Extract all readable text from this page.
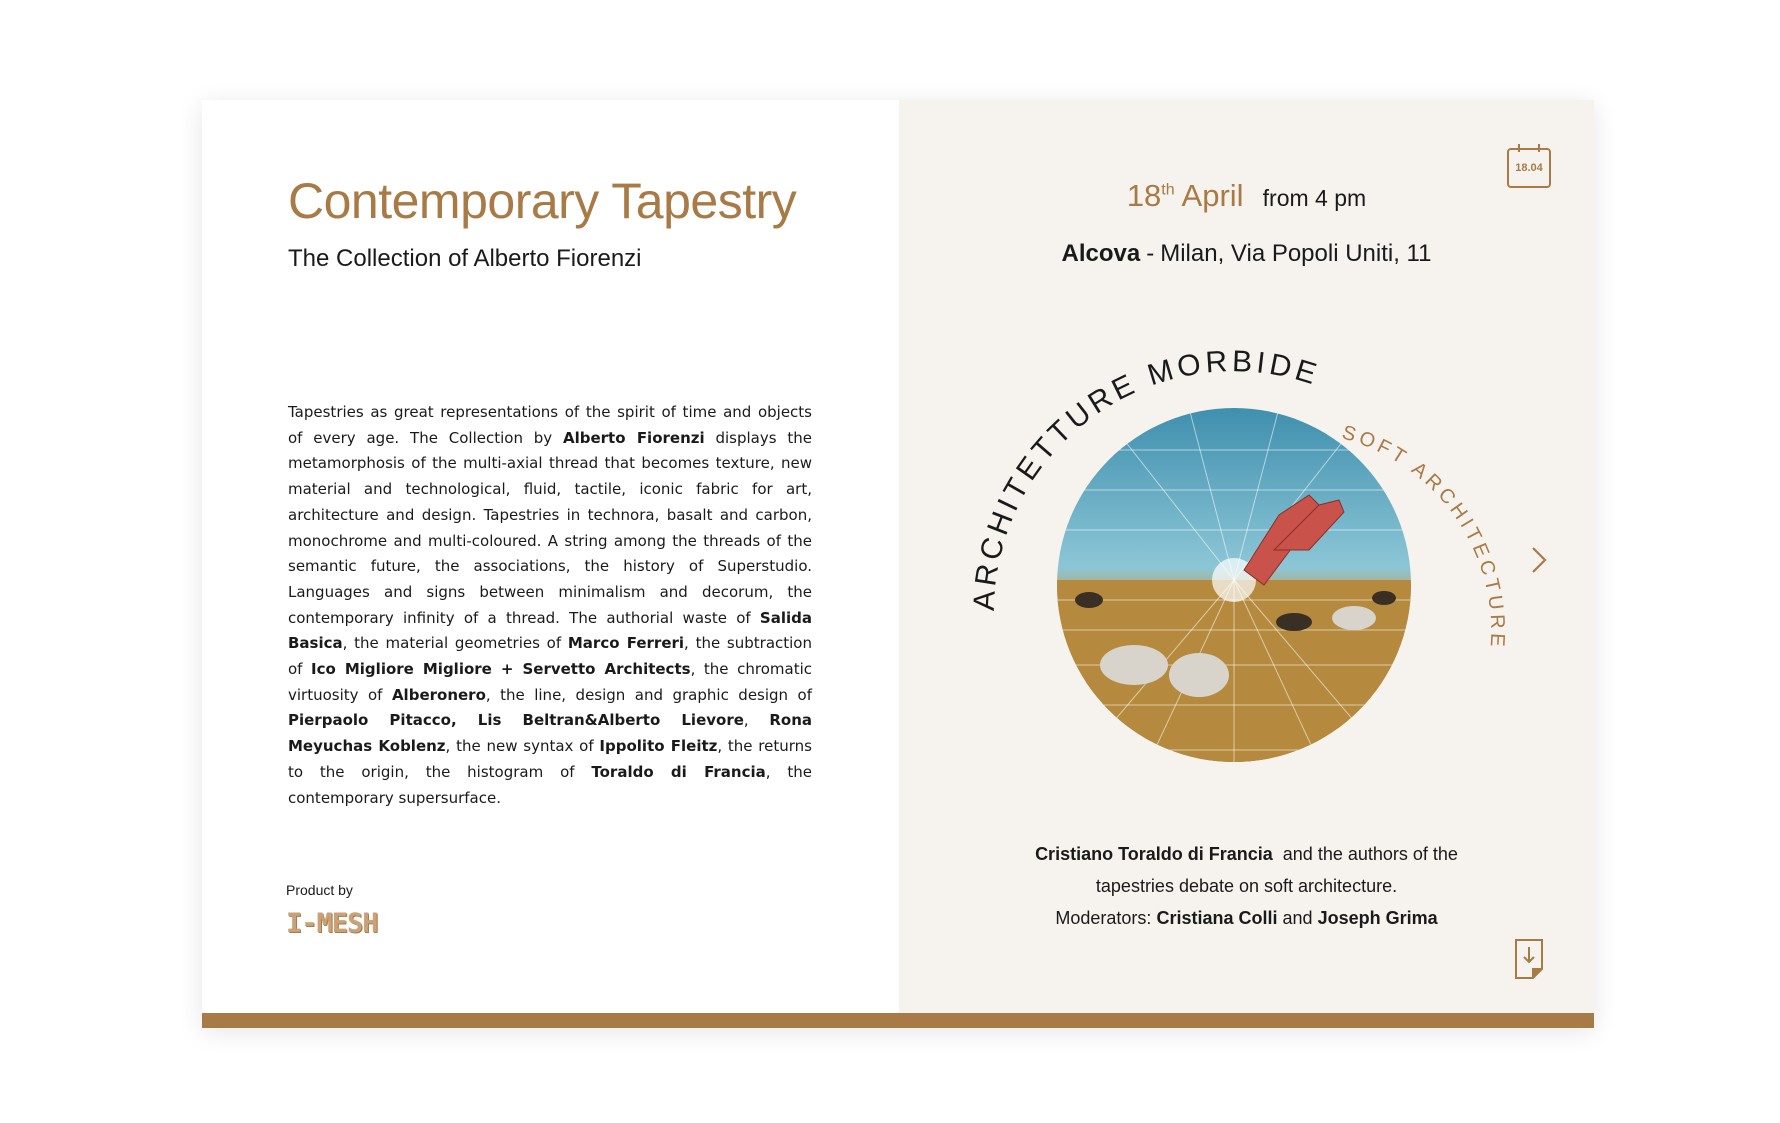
Contemporary Tapestry
The Collection of Alberto Fiorenzi

Tapestries as great representations of the spirit of time and objects of every age. The Collection by Alberto Fiorenzi displays the metamorphosis of the multi-axial thread that becomes texture, new material and technological, fluid, tactile, iconic fabric for art, architecture and design. Tapestries in technora, basalt and carbon, monochrome and multi-coloured. A string among the threads of the semantic future, the associations, the history of Superstudio. Languages and signs between minimalism and decorum, the contemporary infinity of a thread. The authorial waste of Salida Basica, the material geometries of Marco Ferreri, the subtraction of Ico Migliore Migliore + Servetto Architects, the chromatic virtuosity of Alberonero, the line, design and graphic design of Pierpaolo Pitacco, Lis Beltran&Alberto Lievore, Rona Meyuchas Koblenz, the new syntax of Ippolito Fleitz, the returns to the origin, the histogram of Toraldo di Francia, the contemporary supersurface.

Product by
I-MESH
18.04
18th April from 4 pm
Alcova - Milan, Via Popoli Uniti, 11
ARCHITETTURE MORBIDE
SOFT ARCHITECTURE
Cristiano Toraldo di Francia and the authors of the
tapestries debate on soft architecture.
Moderators: Cristiana Colli and Joseph Grima
